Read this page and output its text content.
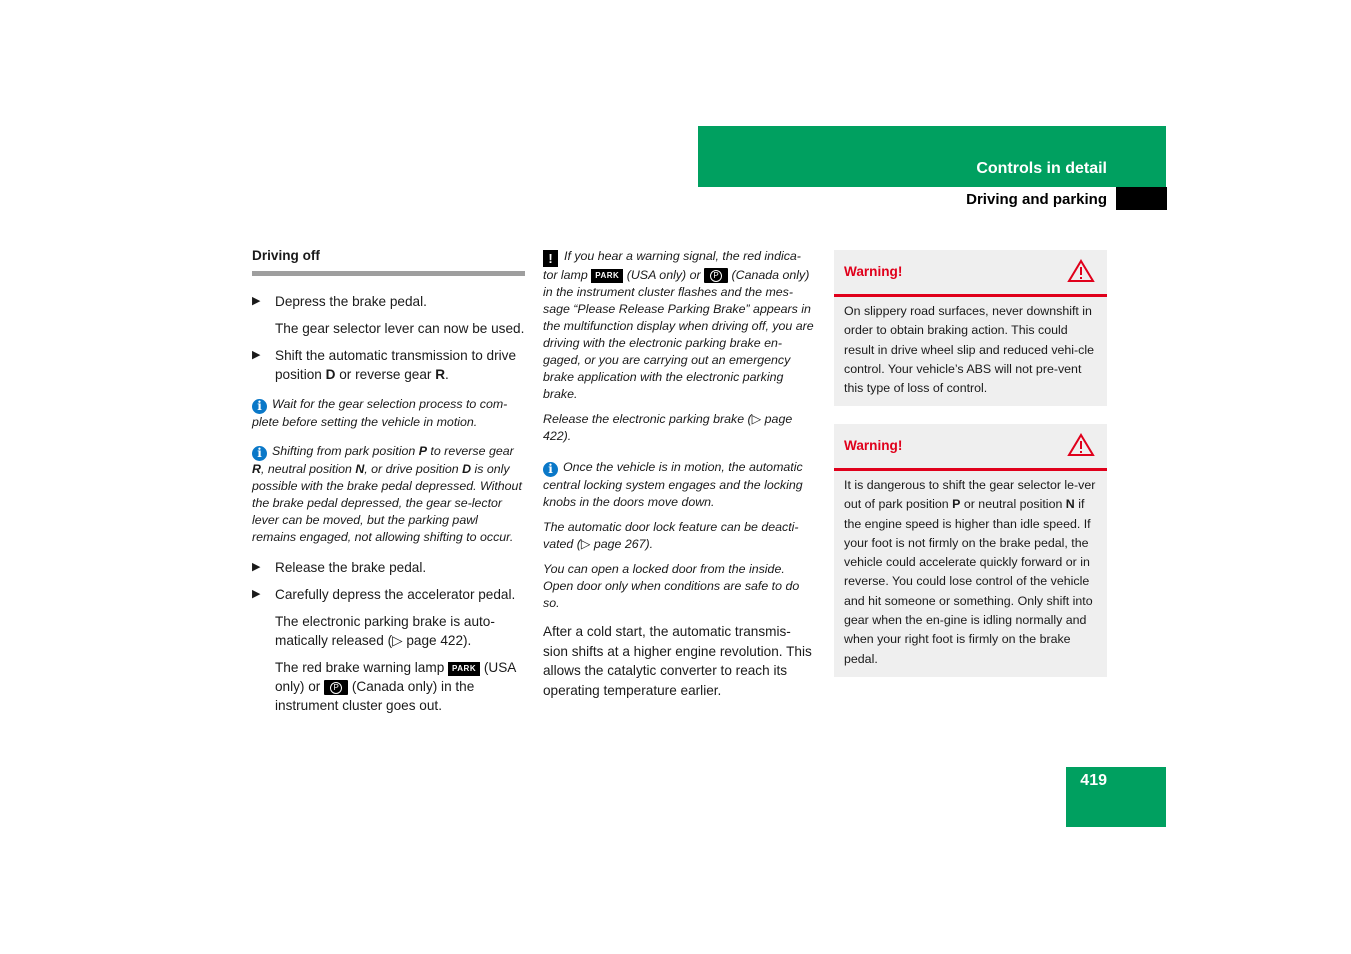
Controls in detail
Driving and parking
Driving off
▶ Depress the brake pedal.
The gear selector lever can now be used.
▶ Shift the automatic transmission to drive position D or reverse gear R.
i Wait for the gear selection process to com-plete before setting the vehicle in motion.
i Shifting from park position P to reverse gear R, neutral position N, or drive position D is only possible with the brake pedal depressed. Without the brake pedal depressed, the gear se-lector lever can be moved, but the parking pawl remains engaged, not allowing shifting to occur.
▶ Release the brake pedal.
▶ Carefully depress the accelerator pedal.
The electronic parking brake is auto-matically released (▷ page 422).
The red brake warning lamp PARK (USA only) or P (Canada only) in the instrument cluster goes out.
! If you hear a warning signal, the red indica-tor lamp PARK (USA only) or P (Canada only) in the instrument cluster flashes and the mes-sage “Please Release Parking Brake” appears in the multifunction display when driving off, you are driving with the electronic parking brake en-gaged, or you are carrying out an emergency brake application with the electronic parking brake.
Release the electronic parking brake (▷ page 422).
i Once the vehicle is in motion, the automatic central locking system engages and the locking knobs in the doors move down.
The automatic door lock feature can be deacti-vated (▷ page 267).
You can open a locked door from the inside. Open door only when conditions are safe to do so.
After a cold start, the automatic transmis-sion shifts at a higher engine revolution. This allows the catalytic converter to reach its operating temperature earlier.
Warning!
On slippery road surfaces, never downshift in order to obtain braking action. This could result in drive wheel slip and reduced vehi-cle control. Your vehicle’s ABS will not pre-vent this type of loss of control.
Warning!
It is dangerous to shift the gear selector le-ver out of park position P or neutral position N if the engine speed is higher than idle speed. If your foot is not firmly on the brake pedal, the vehicle could accelerate quickly forward or in reverse. You could lose control of the vehicle and hit someone or something. Only shift into gear when the en-gine is idling normally and when your right foot is firmly on the brake pedal.
419
